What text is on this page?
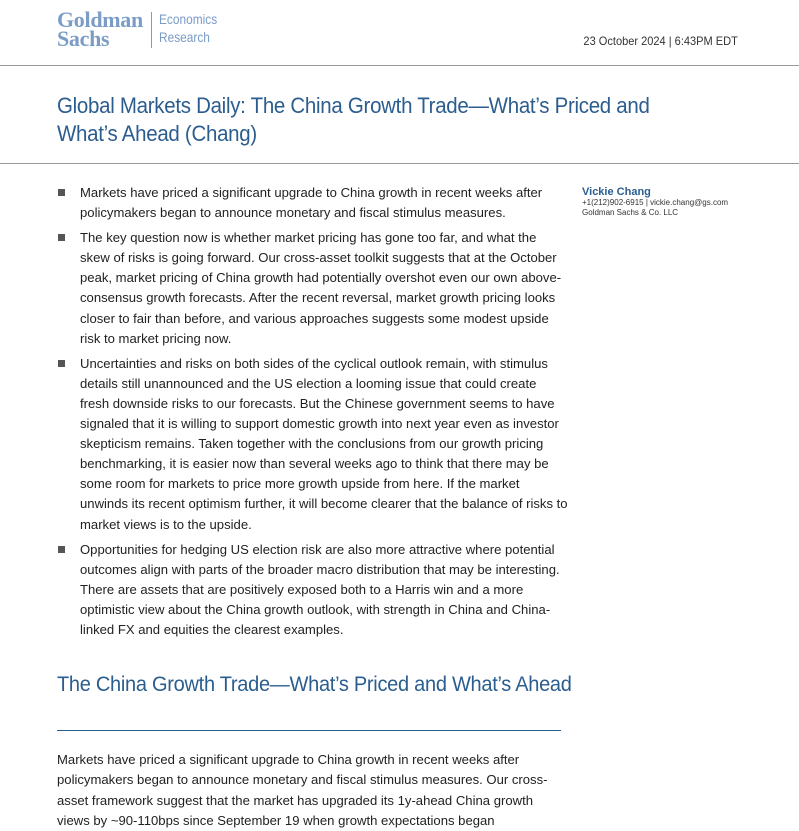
Goldman
Sachs
Economics
Research	23 October 2024 | 6:43PM EDT
Global Markets Daily: The China Growth Trade—What’s Priced and
What’s Ahead (Chang)
Markets have priced a significant upgrade to China growth in recent weeks after policymakers began to announce monetary and fiscal stimulus measures.
The key question now is whether market pricing has gone too far, and what the skew of risks is going forward. Our cross-asset toolkit suggests that at the October peak, market pricing of China growth had potentially overshot even our own above-consensus growth forecasts. After the recent reversal, market growth pricing looks closer to fair than before, and various approaches suggests some modest upside risk to market pricing now.
Uncertainties and risks on both sides of the cyclical outlook remain, with stimulus details still unannounced and the US election a looming issue that could create fresh downside risks to our forecasts. But the Chinese government seems to have signaled that it is willing to support domestic growth into next year even as investor skepticism remains. Taken together with the conclusions from our growth pricing benchmarking, it is easier now than several weeks ago to think that there may be some room for markets to price more growth upside from here. If the market unwinds its recent optimism further, it will become clearer that the balance of risks to market views is to the upside.
Opportunities for hedging US election risk are also more attractive where potential outcomes align with parts of the broader macro distribution that may be interesting. There are assets that are positively exposed both to a Harris win and a more optimistic view about the China growth outlook, with strength in China and China-linked FX and equities the clearest examples.
Vickie Chang
+1(212)902-6915 | vickie.chang@gs.com
Goldman Sachs & Co. LLC
The China Growth Trade—What’s Priced and What’s Ahead

Markets have priced a significant upgrade to China growth in recent weeks after policymakers began to announce monetary and fiscal stimulus measures. Our cross-asset framework suggest that the market has upgraded its 1y-ahead China growth views by ~90-110bps since September 19 when growth expectations began
